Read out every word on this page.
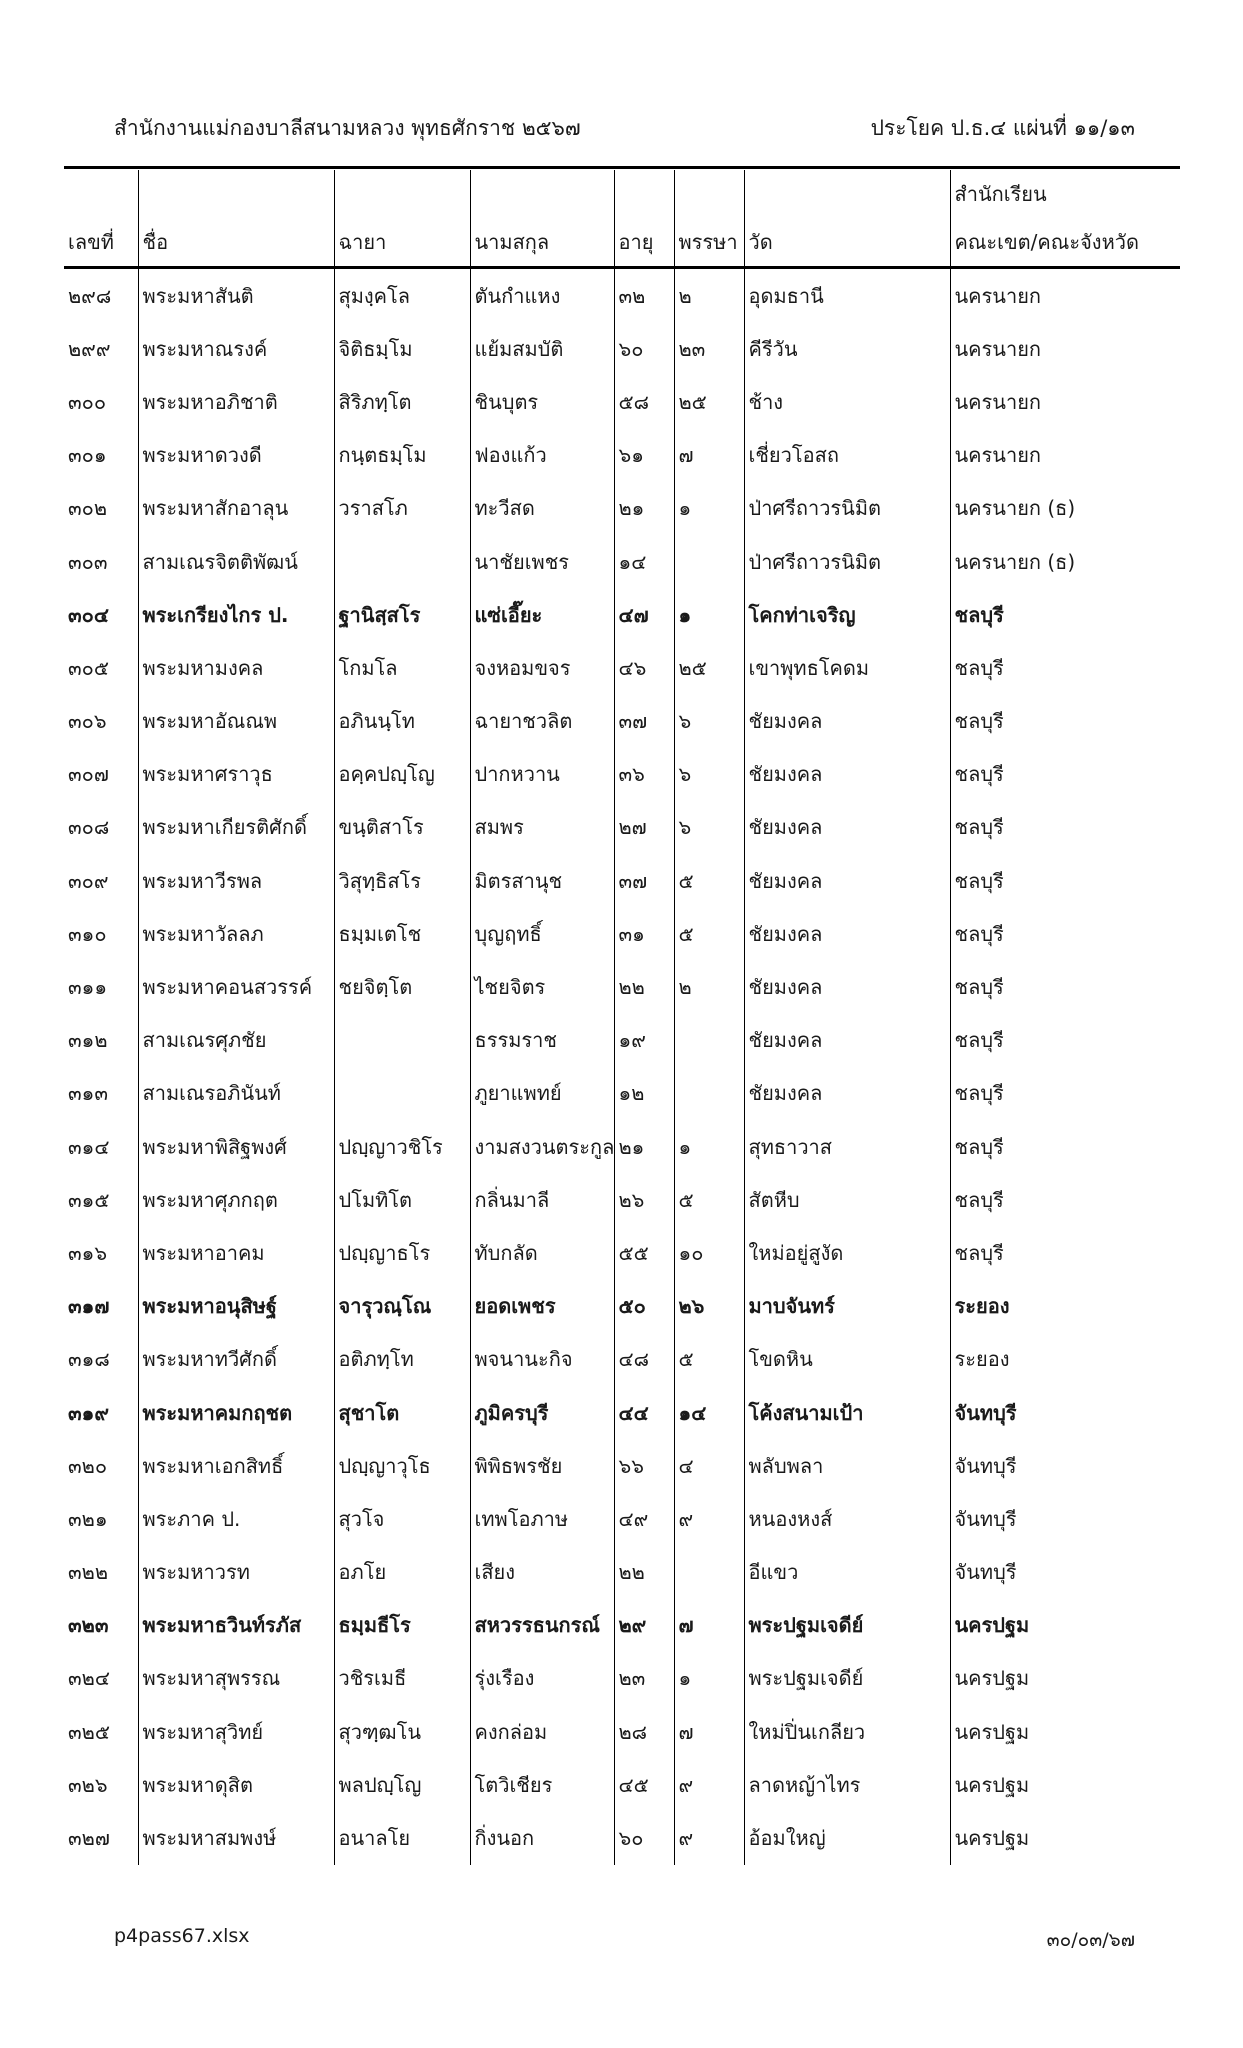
สำนักงานแม่กองบาลีสนามหลวง พุทธศักราช ๒๕๖๗	ประโยค ป.ธ.๔ แผ่นที่ ๑๑/๑๓
							สำนักเรียน
เลขที่	ชื่อ	ฉายา	นามสกุล	อายุ	พรรษา	วัด	คณะเขต/คณะจังหวัด
๒๙๘	พระมหาสันติ	สุมงฺคโล	ตันกำแหง	๓๒	๒	อุดมธานี	นครนายก
๒๙๙	พระมหาณรงค์	จิติธมฺโม	แย้มสมบัติ	๖๐	๒๓	คีรีวัน	นครนายก
๓๐๐	พระมหาอภิชาติ	สิริภทฺโต	ชินบุตร	๕๘	๒๕	ช้าง	นครนายก
๓๐๑	พระมหาดวงดี	กนฺตธมฺโม	ฟองแก้ว	๖๑	๗	เชี่ยวโอสถ	นครนายก
๓๐๒	พระมหาสักอาลุน	วราสโภ	ทะวีสด	๒๑	๑	ป่าศรีถาวรนิมิต	นครนายก (ธ)
๓๐๓	สามเณรจิตติพัฒน์		นาชัยเพชร	๑๔		ป่าศรีถาวรนิมิต	นครนายก (ธ)
๓๐๔	พระเกรียงไกร ป.	ฐานิสฺสโร	แซ่เอี๊ยะ	๔๗	๑	โคกท่าเจริญ	ชลบุรี
๓๐๕	พระมหามงคล	โกมโล	จงหอมขจร	๔๖	๒๕	เขาพุทธโคดม	ชลบุรี
๓๐๖	พระมหาอัณณพ	อภินนฺโท	ฉายาชวลิต	๓๗	๖	ชัยมงคล	ชลบุรี
๓๐๗	พระมหาศราวุธ	อคฺคปญฺโญ	ปากหวาน	๓๖	๖	ชัยมงคล	ชลบุรี
๓๐๘	พระมหาเกียรติศักดิ์	ขนฺติสาโร	สมพร	๒๗	๖	ชัยมงคล	ชลบุรี
๓๐๙	พระมหาวีรพล	วิสุทฺธิสโร	มิตรสานุช	๓๗	๕	ชัยมงคล	ชลบุรี
๓๑๐	พระมหาวัลลภ	ธมฺมเตโช	บุญฤทธิ์	๓๑	๕	ชัยมงคล	ชลบุรี
๓๑๑	พระมหาคอนสวรรค์	ชยจิตฺโต	ไชยจิตร	๒๒	๒	ชัยมงคล	ชลบุรี
๓๑๒	สามเณรศุภชัย		ธรรมราช	๑๙		ชัยมงคล	ชลบุรี
๓๑๓	สามเณรอภินันท์		ภูยาแพทย์	๑๒		ชัยมงคล	ชลบุรี
๓๑๔	พระมหาพิสิฐพงศ์	ปญฺญาวชิโร	งามสงวนตระกูล	๒๑	๑	สุทธาวาส	ชลบุรี
๓๑๕	พระมหาศุภกฤต	ปโมทิโต	กลิ่นมาลี	๒๖	๕	สัตหีบ	ชลบุรี
๓๑๖	พระมหาอาคม	ปญฺญาธโร	ทับกลัด	๕๕	๑๐	ใหม่อยู่สูงัด	ชลบุรี
๓๑๗	พระมหาอนุสิษฐ์	จารุวณฺโณ	ยอดเพชร	๕๐	๒๖	มาบจันทร์	ระยอง
๓๑๘	พระมหาทวีศักดิ์	อติภทฺโท	พจนานะกิจ	๔๘	๕	โขดหิน	ระยอง
๓๑๙	พระมหาคมกฤชต	สุชาโต	ภูมิครบุรี	๔๔	๑๔	โค้งสนามเป้า	จันทบุรี
๓๒๐	พระมหาเอกสิทธิ์	ปญฺญาวุโธ	พิพิธพรชัย	๖๖	๔	พลับพลา	จันทบุรี
๓๒๑	พระภาค ป.	สุวโจ	เทพโอภาษ	๔๙	๙	หนองหงส์	จันทบุรี
๓๒๒	พระมหาวรท	อภโย	เสียง	๒๒		อีแขว	จันทบุรี
๓๒๓	พระมหาธวินท์รภัส	ธมฺมธีโร	สหวรรธนกรณ์	๒๙	๗	พระปฐมเจดีย์	นครปฐม
๓๒๔	พระมหาสุพรรณ	วชิรเมธี	รุ่งเรือง	๒๓	๑	พระปฐมเจดีย์	นครปฐม
๓๒๕	พระมหาสุวิทย์	สุวฑฺฒโน	คงกล่อม	๒๘	๗	ใหม่ปิ่นเกลียว	นครปฐม
๓๒๖	พระมหาดุสิต	พลปญฺโญ	โตวิเชียร	๔๕	๙	ลาดหญ้าไทร	นครปฐม
๓๒๗	พระมหาสมพงษ์	อนาลโย	กิ่งนอก	๖๐	๙	อ้อมใหญ่	นครปฐม
p4pass67.xlsx	๓๐/๐๓/๖๗
